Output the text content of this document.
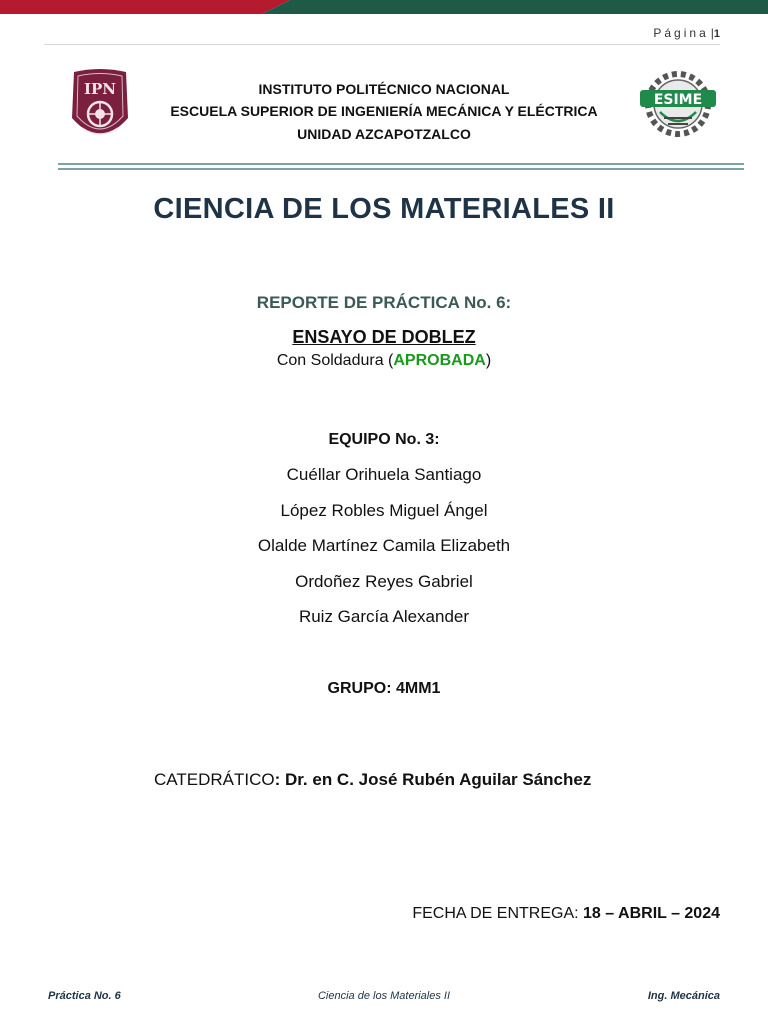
Página |1
IPN
ESIME
INSTITUTO POLITÉCNICO NACIONAL
ESCUELA SUPERIOR DE INGENIERÍA MECÁNICA Y ELÉCTRICA
UNIDAD AZCAPOTZALCO
CIENCIA DE LOS MATERIALES II
REPORTE DE PRÁCTICA No. 6:
ENSAYO DE DOBLEZ
Con Soldadura (APROBADA)
EQUIPO No. 3:
Cuéllar Orihuela Santiago
López Robles Miguel Ángel
Olalde Martínez Camila Elizabeth
Ordoñez Reyes Gabriel
Ruiz García Alexander
GRUPO: 4MM1
CATEDRÁTICO: Dr. en C. José Rubén Aguilar Sánchez
FECHA DE ENTREGA: 18 – ABRIL – 2024
Práctica No. 6	Ciencia de los Materiales II	Ing. Mecánica
